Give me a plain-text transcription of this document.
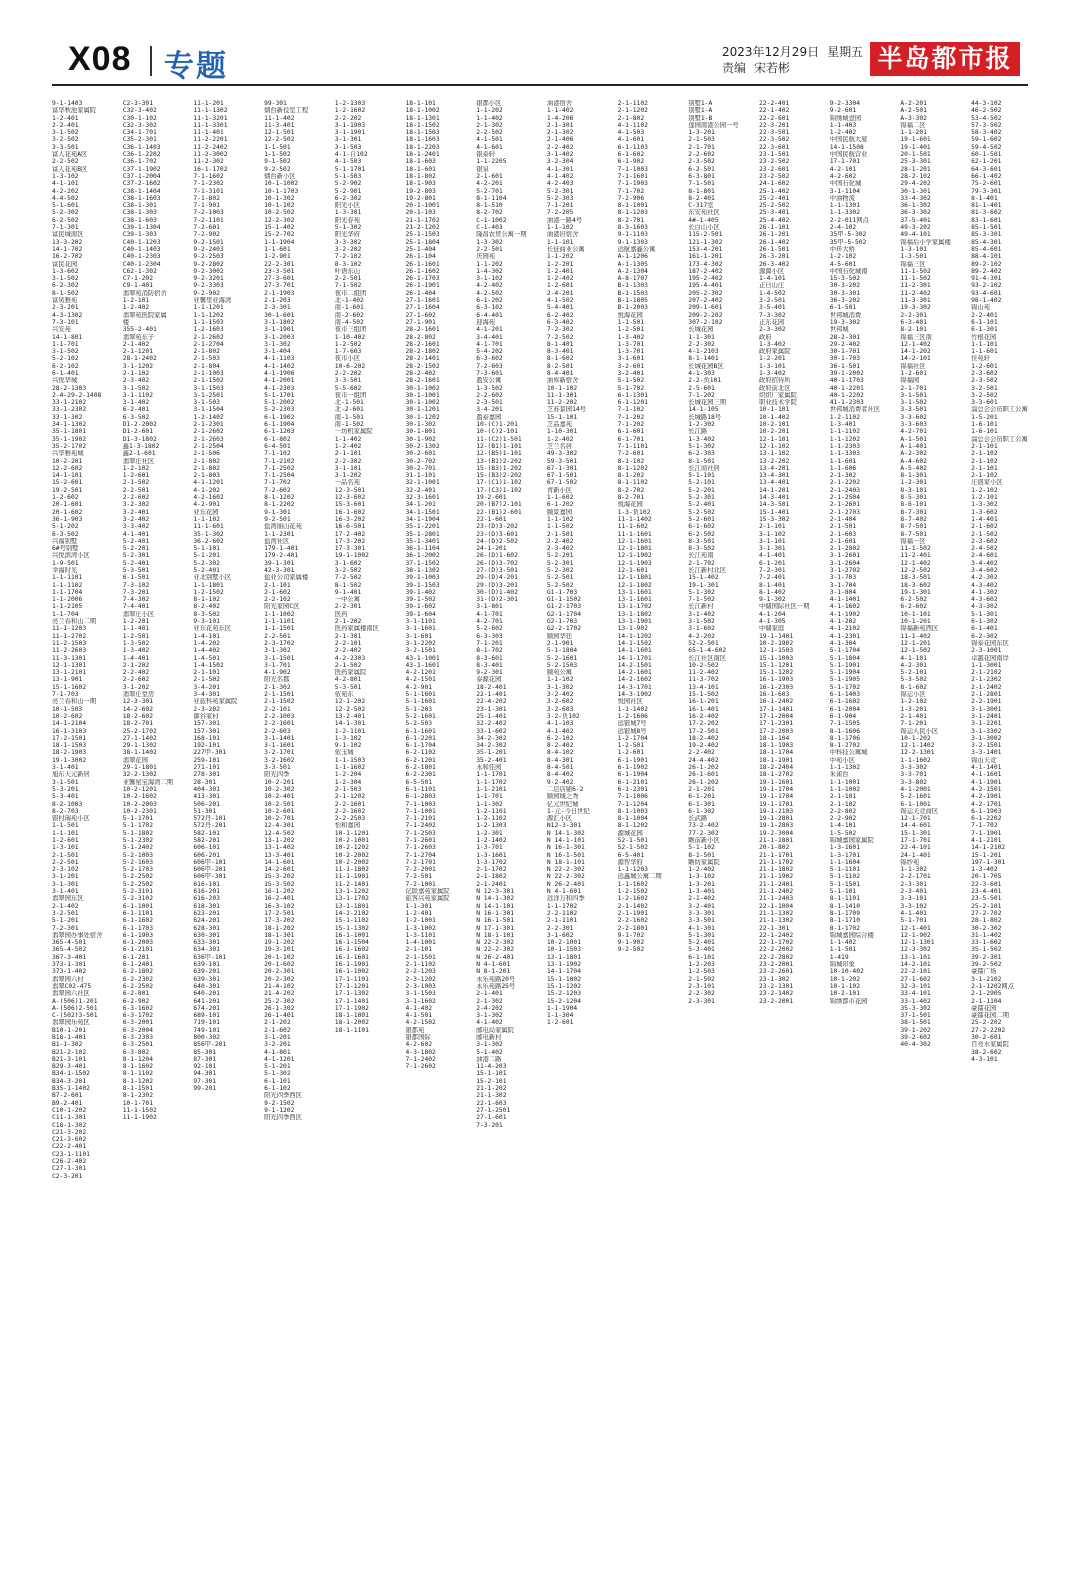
X08 专题	2023年12月29日 星期五
责编 宋若彬	半岛都市报
9-1-1403
富华秋池家属院
1-2-401
2-2-401
3-1-502
3-2-502
3-3-501
富人花苑A区
2-2-502
富人花苑B区
1-3-102
4-1-101
4-2-202
4-4-502
5-1-601
5-2-302
6-2-502
7-1-301
富民城南区
13-3-202
14-1-702
16-2-702
富民花园
1-3-602
3-1-502
6-2-302
8-1-502
富凤雅苑
2-3-201
4-3-1302
7-3-101
兴安苑
14-1-801
1-1-701
3-1-502
5-2-102
6-2-102
6-1-401
兴悦华城
28-2-1303
2-4-29-2-1408
33-1-2102
33-1-2302
33-1-302
34-1-1302
35-1-1801
35-1-1902
35-2-1702
兴华雅苑城
10-2-201
12-2-602
14-1-101
15-2-601
19-2-501
1-2-602
20-1-601
20-1-602
36-1-903
5-1-202
6-3-502
兴福别墅
6#号别墅
兴悦滨湾小区
1-9-501
幸福时光
1-1-1101
1-1-1102
1-1-1704
1-1-2006
1-1-2105
1-1-704
亮兰春和山二期
11-1-1203
11-1-2702
11-2-1503
11-2-2603
11-3-1301
12-1-1301
13-1-2101
13-1-901
15-1-1602
7-1-703
亮兰春和山一期
10-1-503
10-2-602
14-1-2104
16-1-3103
17-2-1501
18-1-1503
18-2-1903
19-1-3002
3-1-401
旭东天元新居
3-1-501
5-3-201
5-3-401
8-2-1003
8-2-703
银村瑞苑小区
1-1-501
1-1-101
1-2-601
1-3-101
2-1-501
2-2-501
2-3-102
3-1-201
3-1-301
3-1-401
翡翠园东区
2-1-402
3-2-501
5-1-201
7-2-301
翡翠园办事处宿舍
365-4-501
365-4-502
367-3-401
373-1-301
373-1-402
翡翠园六村
翡翠C02-475
翡翠园六社区
A-(506)1-201
A-(506)2-501
C-(502)3-501
翡翠园乐苑区
B10-1-201
B18-1-401
B1-1-302
B21-2-102
B21-3-101
B29-3-401
B34-1-1502
B34-3-201
B35-1-1402
B7-2-601
B9-2-401
C10-1-202
C11-1-301
C18-1-302
C21-3-202
C21-3-602
C22-2-401
C23-1-1101
C26-2-402
C27-1-301
C2-3-201
C2-3-301
C32-3-402
C30-1-102
C32-3-302
C34-1-701
C35-2-301
C36-1-1403
C36-1-2202
C36-1-702
C37-1-1902
C37-1-2004
C37-2-1602
C38-1-1404
C38-1-1603
C38-1-301
C38-1-303
C38-1-603
C39-1-1304
C39-1-303
C40-1-1203
C40-1-1403
C40-1-2303
C40-1-2304
C62-1-302
C7-1-202
C9-1-401
翡翠苑消防宿舍
1-2-101
1-2-402
翡翠苑医院家属
楼
355-2-401
翡翠苑东子
2-1-402
2-1-1201
28-1-2402
3-1-1202
2-1-102
2-3-402
3-1-502
3-1-1102
3-1-402
6-2-401
6-3-502
D1-2-2002
D1-2-601
D1-3-1802
鑫1-3-1802
鑫2-1-601
翡翠庄社区
1-2-102
1-2-601
2-1-502
2-2-501
2-2-602
3-2-302
3-2-401
3-2-402
3-3-402
4-1-401
5-2-401
5-2-201
5-2-301
5-2-401
5-3-501
6-1-501
7-3-102
7-3-201
7-4-302
7-4-401
翡翠庄小区
1-2-201
1-1-401
1-2-501
1-3-502
1-3-402
1-4-401
2-1-202
2-2-402
2-2-602
3-1-202
翡翠庄堂房
12-3-301
14-2-602
18-2-602
18-2-701
25-2-1702
27-1-1402
29-1-1302
38-1-1402
翡翠花园
29-1-1801
32-2-1302
亚馨星宝海湾二期
10-2-1201
10-2-1602
10-2-2003
10-2-2301
5-1-1701
5-1-1702
5-1-1802
5-1-2302
5-1-2402
5-2-1003
5-2-1603
5-2-1703
5-2-2502
5-2-2502
5-2-3101
5-2-3102
6-1-1001
6-1-1101
6-1-1602
6-1-1703
6-1-1903
6-1-2003
6-1-2101
6-1-201
6-1-2401
6-2-1802
6-2-2302
6-2-2502
6-2-801
6-2-902
6-3-1602
6-3-1702
6-3-2001
6-3-2004
6-3-2303
6-3-2501
6-3-802
8-1-1204
8-1-1602
8-1-1102
8-1-1202
8-1-1501
8-1-2302
10-1-701
11-1-1502
11-1-1902
11-1-201
11-1-1302
11-1-3201
11-1-3301
11-1-401
11-2-2201
11-2-2402
11-2-3002
11-2-302
16-1-1702
7-1-1602
7-1-2302
7-1-3101
7-1-802
7-1-901
7-2-1003
7-2-1101
7-2-601
7-2-902
9-2-1501
9-2-2403
9-2-2503
9-2-2802
9-2-3002
9-2-3201
9-2-3303
9-2-902
亚馨里亚海湾
1-1-1201
1-1-1202
1-1-1503
1-2-1603
2-1-2602
2-1-2704
2-1-802
2-1-503
2-1-804
2-1-1003
2-1-1502
3-1-1503
3-1-2501
3-1-503
3-1-1504
1-2-1402
2-1-2301
2-1-2602
2-1-2603
2-1-2504
2-1-506
2-1-802
2-1-802
2-1-803
4-1-1201
4-1-202
4-2-1602
4-2-901
亚东花园
1-1-102
11-1-601
35-1-302
36-2-602
5-1-101
5-1-201
5-2-302
5-2-401
亚北别墅小区
1-1-1801
1-2-1502
8-1-102
8-2-402
8-3-502
9-3-101
亚东花苑东区
1-4-101
1-4-202
1-4-402
1-4-501
1-4-1502
2-1-101
2-1-502
3-4-201
3-4-301
亚旅科苑家属院
2-3-202
御谷家村
157-301
157-301
168-101
192-101
227甲-301
259-101
271-101
278-301
28-301
404-301
413-301
506-201
51-301
572丹-101
572丹-201
582-101
582-201
606-101
606-201
606甲-101
606甲-201
606甲-301
616-101
616-201
616-203
618-301
623-201
624-201
628-301
630-301
633-301
634-301
636甲-101
639-101
639-201
639-301
640-301
640-201
641-201
674-201
689-101
719-101
749-101
800-302
856甲-201
85-301
87-301
92-101
94-301
97-301
99-201
99-301
烟台新役室工程
11-1-402
11-3-401
12-1-501
12-2-502
1-1-501
1-1-502
9-1-502
9-2-502
烟台新小区
10-1-1002
10-1-1703
10-1-302
10-1-102
10-2-502
12-2-302
15-1-402
15-2-702
1-1-1904
1-1-601
1-2-901
22-2-301
23-3-501
27-3-601
27-3-701
2-1-1903
2-1-203
2-3-301
30-1-601
3-1-1802
3-1-1901
3-1-2003
3-1-302
3-1-404
4-1-1103
4-1-1402
4-1-1906
4-1-2001
4-1-2303
5-1-1701
5-1-2002
5-2-2303
6-1-1902
6-1-1904
6-1-1203
6-1-802
6-4-501
7-1-102
7-1-2102
7-1-2502
7-1-2504
7-1-702
7-2-602
8-1-1202
8-1-2202
9-1-301
9-2-501
盐湾丽山花苑
1-1-2301
盐湾社区
179-1-401
179-2-401
39-1-301
42-3-301
盐业公司家属楼
2-1-101
2-1-602
2-2-102
阳光家园C区
1-1-1002
1-1-1101
1-1-1501
2-2-501
2-3-1702
3-1-302
3-1-1501
3-1-701
4-1-902
阳光名郡
2-1-302
2-1-1501
2-1-1502
2-2-101
2-2-1003
2-2-1601
2-2-603
3-1-1401
3-1-1601
3-2-1701
3-2-1602
3-3-501
阳光四季
10-2-201
10-2-302
10-2-401
10-2-501
10-2-601
10-2-701
12-4-301
12-4-502
13-1-202
13-1-402
13-3-401
14-1-601
14-2-601
15-3-202
15-3-502
16-1-202
16-2-401
16-3-102
17-2-501
17-3-202
18-1-202
18-1-301
19-1-202
19-3-101
20-1-102
20-1-602
20-2-301
20-2-302
21-4-102
21-4-202
25-2-302
26-1-302
26-1-401
2-1-202
2-1-602
3-1-201
3-2-201
4-1-801
4-1-1201
5-1-201
5-1-302
6-1-101
6-1-102
阳光四季西区
9-2-1502
9-1-1202
阳光四季西区
1-2-1303
1-2-1602
2-2-202
3-1-1903
3-1-1901
3-1-301
3-1-503
4-1-自102
4-1-503
5-1-1701
5-1-503
5-2-902
5-2-901
6-2-302
阳光小区
1-3-301
阳光春苑
5-1-302
阳光华府
3-3-302
3-2-202
7-2-102
8-3-102
叶语东山
2-2-501
7-1-502
夜市二组团
北-1-402
南-1-601
南-2-602
南-4-502
夜市三组团
1-10-402
1-2-502
1-7-603
夜市小区
10-6-202
2-2-202
3-3-501
5-5-602
夜市一组团
北-1-501
北-2-601
南-1-501
南-1-502
一坊机家属院
1-1-402
1-2-402
2-1-101
2-2-302
3-1-101
3-1-202
一品名苑
12-3-501
12-3-602
15-3-601
16-1-602
16-3-202
16-6-501
17-2-402
17-3-202
17-3-301
19-1-1002
3-1-602
3-2-502
7-2-502
8-1-502
9-1-401
一中公寓
2-2-301
医药
2-1-202
医药家属楼南区
2-1-301
2-2-101
2-2-402
4-2-2303
2-1-502
医药家属院
4-2-801
5-3-501
依苑东
12-1-202
12-2-502
13-2-401
14-1-301
1-2-1101
1-3-102
9-1-102
依玉城
1-1-1503
1-1-1602
1-2-204
1-2-304
2-1-503
2-1-1202
2-2-1601
2-2-1602
2-2-2503
怡和嘉园
10-1-1201
10-2-1001
10-2-1202
10-2-2002
10-2-2002
11-1-1802
11-1-1901
11-2-1401
13-1-1202
13-1-1702
13-1-1801
14-2-2102
15-1-1102
15-1-1302
16-1-1001
16-1-1504
16-1-1602
16-1-1601
16-1-1901
16-1-1002
17-1-1101
17-1-1201
17-1-1302
17-1-1401
17-1-1902
18-1-1001
18-1-2002
18-1-1101
18-1-101
18-1-1002
18-1-1301
18-1-1502
18-1-1503
18-1-1603
18-1-2203
18-1-2401
18-1-603
18-1-601
18-1-802
18-1-903
19-2-803
19-2-801
20-1-1001
20-1-103
21-1-1702
21-2-1202
25-1-1503
25-1-1804
25-1-404
26-1-104
26-1-1601
26-1-1602
26-1-1703
26-1-1901
26-1-404
27-1-1601
27-1-1604
27-1-602
27-1-901
28-2-1601
28-2-802
28-2-1601
28-2-1802
28-2-1401
28-2-1502
28-2-402
28-2-1601
30-1-1002
30-1-1001
30-1-1002
30-1-1201
30-1-1202
30-1-302
30-1-801
30-1-902
30-2-1302
30-2-601
30-2-702
30-2-701
31-1-101
32-1-1001
32-2-401
32-3-1601
34-1-201
34-1-1501
34-1-1904
35-1-2201
35-1-2801
35-1-3401
36-1-1104
36-1-2002
37-1-1502
38-1-1302
39-1-1003
39-1-1503
39-1-402
39-1-502
39-1-602
39-1-604
3-1-1101
3-1-1601
3-1-601
3-1-2202
3-2-1501
43-1-1001
43-1-1601
4-2-1201
4-2-1501
4-2-901
5-1-1601
5-1-1601
5-1-203
5-2-1601
5-2-503
6-1-1601
6-1-2201
6-1-1704
6-2-1102
6-2-1201
6-2-1801
6-2-2301
6-5-501
6-1-1101
6-1-2803
7-1-1003
7-1-1001
7-1-2101
7-1-2402
7-1-2503
7-1-2601
7-1-2603
7-1-2704
7-2-1701
7-2-2001
7-2-501
7-2-1001
亿联嘉苑家属院
旅客兴苑家属院
1-1-301
1-2-401
1-2-1001
1-3-1002
1-3-1101
1-4-1001
2-1-101
2-1-1501
2-1-1102
2-2-1203
2-3-1202
2-3-1003
3-1-1503
3-1-1602
4-1-402
4-1-501
4-2-1502
银都苑
银都国际
4-2-602
4-3-1802
7-1-2402
7-1-2602
银都小区
1-1-202
1-1-402
2-1-302
2-2-502
4-1-501
4-1-601
银泰轩
1-1-2205
银泉
2-1-601
4-2-201
5-2-701
8-1-1104
8-1-510
8-2-702
C-1-1002
C-1-403
隆昌农贸公寓一期
1-3-302
2-2-501
庆园苑
1-1-202
1-4-302
3-1-102
4-2-402
4-2-502
6-1-202
6-3-102
6-4-401
迎海苑
4-1-201
3-4-401
4-1-701
5-4-202
6-3-602
7-2-603
7-3-601
盈安公寓
1-3-502
2-2-602
2-3-501
3-4-201
盈泰嘉园
10-(C)1-201
10-(C)2-101
11-(C2)1-501
12-(B1)1-101
12-(B5)1-101
13-(B1)2-202
15-(B3)1-202
15-(B3)2-202
17-(C1)1-102
17-(C3)1-102
19-2-601
20-(B7)2-101
22-(B1)2-601
22-1-601
23-(D)3-202
23-(D)3-601
24-(D)2-502
24-1-201
26-(D)1-602
26-(D)3-702
27-(D)3-501
29-(D)4-201
29-(D)3-201
30-(D)1-402
31-(D)2-301
3-1-801
4-1-701
4-2-701
5-2-602
6-3-303
7-1-201
8-1-702
8-3-601
8-3-401
9-2-301
泰源花园
18-2-401
22-1-401
22-4-202
23-1-301
25-1-401
32-2-402
33-1-602
34-2-302
34-2-302
35-1-201
35-2-401
永和佳园
1-1-1701
1-1-1702
1-1-2101
1-1-701
1-1-302
1-2-1101
1-2-1102
1-2-1303
1-2-301
1-2-1402
1-3-701
1-3-1601
1-3-1702
2-1-1702
2-1-1802
2-1-2401
N 12-3-301
N 14-1-302
N 14-1-101
N 16-1-301
N 16-1-501
N 17-1-301
N 18-1-101
N 22-2-302
N 22-2-302
N 26-2-401
N 4-1-601
N 8-1-201
永乐苑路20号
永乐苑路25号
2-1-401
2-1-302
2-4-202
3-1-302
4-1-402
邮电局家属院
邮电新村
3-1-302
5-1-402
油港二路
11-4-203
15-1-101
15-2-101
21-1-202
21-1-302
22-1-603
27-1-2501
27-1-601
7-3-201
油港宿舍
1-1-402
1-4-206
2-1-301
2-1-302
2-1-406
2-2-402
3-1-402
3-2-304
4-1-301
4-1-402
4-2-403
5-2-301
5-2-303
7-1-201
7-2-205
油港一路4号
1-1-102
油港旧宿舍
1-1-101
长征商业公寓
1-1-202
1-2-201
1-2-401
1-2-402
1-2-601
2-4-201
4-1-502
5-4-401
6-2-402
6-3-402
7-2-302
7-2-502
8-1-401
8-3-401
8-1-602
8-2-501
8-4-401
油库新宿舍
10-1-102
11-1-301
11-2-202
芝苏景园14号
15-1-101
芝品嘉苑
1-10-301
1-2-402
芝兰名居
49-3-302
59-3-501
67-1-301
67-1-501
67-1-502
青新小区
1-1-602
6-1-202
颐景嘉园
1-1-102
1-1-502
2-1-501
2-2-402
2-3-402
5-2-201
5-2-301
5-2-302
5-2-501
5-2-502
G1-1-703
G1-1-1502
G1-2-1703
G2-1-1704
G2-1-703
G2-2-1702
颐园华廷
2-1-901
5-1-1804
5-2-1601
5-2-1503
颐苑公寓
1-1-102
3-1-302
3-2-402
3-2-602
3-2-603
3-2-负102
4-1-103
4-1-402
6-2-102
8-2-402
8-4-102
8-4-301
8-4-501
8-4-402
9-2-402
二层店铺6-2
颐园城之秀
亿元世纪城
1-元-今日世纪
源汇小区
N12-3-301
N 14-1-302
N 14-1-101
N 16-1-301
N 16-1-501
N 18-1-101
N 22-2-302
N 22-2-302
N 26-2-401
N 4-1-601
远洋万和四季
1-1-1702
2-2-1102
2-1-1101
2-2-301
3-1-602
10-2-1001
10-1-1503
13-1-1801
13-1-1902
14-1-1704
15-1-1002
15-1-1202
15-2-1203
15-2-1204
1-1-1904
1-1-304
1-2-601
2-1-1102
2-1-1202
2-1-802
4-1-1102
4-1-503
4-1-601
6-1-1103
6-1-602
6-1-902
7-1-1003
7-1-1601
7-1-1903
7-1-702
7-2-906
8-1-1001
8-1-1203
8-2-701
8-3-1603
9-1-1103
9-1-1303
远航嘉鑫公寓
A-1-1206
A-1-1305
A-2-1304
A-8-1707
B-1-1303
B-1-1503
B-1-1805
B-1-2003
悦海花园
1-1-501
1-2-501
1-3-402
1-3-701
1-3-701
3-1-601
3-2-601
3-2-401
5-1-502
5-1-702
6-1-1301
6-1-1201
7-1-102
7-1-202
7-1-202
6-1-601
6-1-701
7-1-1101
7-2-601
8-1-102
8-1-1202
8-1-202
8-1-1102
8-2-702
8-2-701
悦海花园
1-3-负102
11-1-1402
11-1-602
11-1-1601
12-1-1601
12-1-1801
12-1-1902
12-1-1903
12-1-601
12-1-1801
12-1-1802
13-1-1601
13-1-1601
13-1-1702
13-1-1802
13-1-1901
13-1-902
14-1-1202
14-1-1502
14-1-1601
14-1-1701
14-2-1501
14-2-1601
14-2-1602
14-3-1701
14-3-1902
悦园社区
1-1-1402
1-2-1606
远银城7号
远银城8号
1-2-1704
1-2-501
1-2-601
6-1-1901
6-1-1902
6-1-1904
6-1-2101
6-1-2301
7-1-1006
7-1-1204
8-1-1003
8-1-1004
8-1-1202
源城花园
52-1-501
52-1-502
6-5-401
源智华府
1-1-1203
远鑫城公寓二期
1-1-1602
1-2-1502
1-2-1602
2-1-1402
2-1-1901
2-2-1602
2-2-1801
9-1-702
9-1-902
9-2-502
别墅1-A
别墅1-A
别墅1-B
莲园南港公园一号
1-3-201
2-1-503
2-1-701
2-2-602
2-3-502
6-2-501
6-3-801
7-1-501
8-1-801
8-2-401
C-317室
东安苑社区
4#-1-405
长白山小区
115-2-501
121-1-302
153-4-201
161-1-201
173-4-302
187-2-402
195-2-402
195-4-401
205-2-302
207-2-402
209-1-601
209-2-202
307-2-102
长城花园
1-1-301
2-2-302
4-1-2103
8-1-1401
长城花园B区
4-1-303
2-2-负101
2-5-601
7-1-202
长城花园三期
14-1-105
长城路18号
1-2-302
长江路
1-3-402
5-1-302
6-2-303
8-1-501
长江商社居
5-1-101
5-2-101
5-2-201
5-2-301
5-2-401
5-2-502
5-2-601
6-1-602
6-2-502
8-3-501
8-3-502
长江苑南
2-1-702
长江新村北区
15-1-402
19-1-301
5-1-302
7-1-502
长江新村
3-1-402
3-1-502
3-1-602
4-2-202
52-2-501
65-1-4-602
长江社区南区
10-2-502
11-2-402
11-3-702
13-4-101
15-1-502
16-1-201
16-1-401
16-2-402
17-2-202
17-2-501
18-2-402
19-2-402
2-2-402
24-4-402
26-1-202
26-1-601
26-1-202
2-1-201
6-1-201
6-1-301
6-1-302
长武路
73-2-402
77-2-302
瞻前新小区
5-1-102
8-1-501
瞻纺家属院
1-2-402
1-3-102
1-3-201
1-3-401
2-1-402
3-2-401
3-3-301
3-3-501
4-1-301
5-1-301
5-2-401
5-3-401
6-1-101
1-2-203
1-2-503
2-1-502
2-3-101
2-2-302
2-3-301
22-2-401
22-1-402
22-2-601
22-3-201
22-3-501
22-3-502
22-3-601
23-1-501
23-2-502
23-2-601
23-2-502
24-1-602
25-1-402
25-2-401
25-2-502
25-3-401
25-4-402
26-1-101
26-1-201
26-1-402
26-1-501
26-3-201
26-3-402
源源小区
1-4-101
正日山庄
1-4-502
3-2-501
3-5-401
7-3-302
正东花园
2-3-302
政府
1-3-402
政府家属院
1-2-201
1-3-101
1-3-402
政府招待所
政府前北区
织织厂家属院
职业技术学院
10-1-101
10-1-402
10-2-101
10-2-201
12-1-101
12-1-102
13-1-102
13-2-202
13-4-201
13-4-301
13-4-401
14-1-201
14-3-401
14-3-501
15-1-401
15-3-302
2-1-101
3-1-102
3-1-101
3-1-301
4-1-401
6-1-201
7-2-301
7-2-401
8-1-401
8-1-402
9-1-302
中储国际社区一期
4-1-204
4-1-305
中储家庭
19-1-1401
10-2-1902
12-1-1503
15-1-1003
15-1-1201
15-1-1202
16-1-1903
16-1-2303
16-1-603
16-1-2402
17-1-1401
17-1-2004
17-1-2301
17-2-2003
18-1-104
18-1-1903
18-1-1704
18-1-1901
18-2-2404
18-1-2702
19-1-1601
19-1-1704
19-1-1704
19-1-1701
19-1-2103
19-1-2801
19-1-2803
19-2-3004
21-1-1801
20-1-802
21-1-1701
21-1-1702
21-1-1802
21-1-1902
21-1-2401
21-1-2402
21-1-2403
22-1-1004
21-1-1302
21-1-1302
22-1-301
22-1-2402
22-1-1702
22-2-2002
22-2-2802
23-2-2001
23-2-2601
23-1-302
23-2-1301
23-2-1402
23-2-2001
9-2-3304
9-2-601
锦绣城壹园
1-1-403
1-2-402
中国民航大厦
14-1-1508
中国民航营业
17-1-701
4-2-101
4-2-602
中国石化城
3-1-1104
中油物流
1-1-1301
1-1-3302
2-2-011网点
2-4-102
35甲-5-302
35甲-5-502
中环大桥
1-2-102
4-5-601
中国石化城南
15-3-502
30-3-202
30-3-301
36-3-202
6-1-501
世邦城消费
19-3-302
世邦城
28-2-301
29-2-402
30-1-701
30-1-703
36-1-501
39-1-2002
40-1-1703
40-1-2201
40-1-2202
41-1-2303
世邦城消费者社区
1-2-1102
1-3-401
1-1-1102
1-1-1202
1-1-2303
1-1-3303
1-1-601
1-1-606
2-1-302
2-1-2202
2-1-2403
2-1-2504
2-1-2601
2-1-2703
2-1-404
2-1-501
2-1-603
2-1-601
2-1-2802
3-1-2601
3-1-2604
3-1-2702
3-1-703
3-1-704
3-1-804
4-1-1401
4-1-1602
4-1-1902
4-1-202
4-1-2102
4-1-2301
4-1-304
5-1-1704
5-1-1804
5-1-1901
5-1-1904
5-1-1905
5-1-1702
6-1-1403
6-1-1602
6-1-2004
6-1-904
7-1-1505
8-1-1606
8-1-1706
8-1-2702
中科技公寓城
中苑小区
1-1-1302
朱雀台
1-1-1001
1-1-1002
2-1-101
2-1-102
2-2-802
2-2-902
1-4-101
1-5-502
锦城嘉园家属院
1-3-1601
1-3-1701
1-1-1604
5-1-1101
5-1-1102
5-1-1501
5-1-101
8-1-1101
8-1-1410
8-1-1709
8-1-1710
8-1-1702
锦城嘉园综合楼
1-1-402
1-1-501
1-419
锦城印象
10-10-402
10-1-202
10-1-102
10-2-101
锦绣都市花园
A-2-201
A-2-501
A-3-302
锦福二区
1-1-201
19-1-601
19-1-401
20-1-501
25-3-301
28-1-201
28-2-102
29-4-202
30-1-301
33-4-302
36-1-302
36-3-302
37-5-401
49-3-202
49-4-101
锦福后小学家属楼
1-3-101
1-3-501
锦福三区
11-1-502
11-1-502
11-2-301
11-2-402
11-3-301
19-3-302
2-2-301
6-3-401
8-2-101
锦福三区南
12-1-402
14-1-202
14-2-101
锦福社区
1-2-601
锦福园
2-1-701
3-1-501
3-1-502
3-3-501
3-3-602
3-3-603
4-2-701
A-1-501
A-1-401
A-2-302
A-4-602
A-5-402
8-1-301
1-2-301
8-3-101
8-5-301
8-6-101
8-7-301
8-7-402
8-7-501
8-7-501
锦福一区
11-1-502
11-2-401
12-1-402
12-2-502
18-3-501
18-3-602
19-1-301
6-2-502
6-2-602
10-1-101
10-1-201
锦福新苑西区
11-1-402
12-1-201
12-1-502
4-1-101
4-2-301
5-2-101
5-3-502
8-1-602
锦运小区
1-2-102
1-3-201
2-1-401
7-1-201
锦运人民小区
10-1-202
12-1-1402
12-2-1301
1-1-1602
3-3-302
3-3-701
3-3-802
4-1-2001
5-2-1601
6-1-1001
锦运天竞商区
12-1-701
14-4-601
15-1-301
17-1-701
22-4-101
24-1-401
锦纱苑
1-1-302
2-2-1701
2-3-301
2-3-401
3-3-101
3-3-102
4-1-401
5-1-701
12-1-401
12-1-902
12-1-1301
12-3-302
13-1-101
14-2-101
22-2-101
27-1-602
32-3-101
33-4-101
33-1-402
35-3-302
37-1-501
38-1-501
39-1-202
39-2-602
40-4-302
44-3-102
46-2-502
53-4-502
57-3-502
58-3-402
59-1-602
59-4-502
60-1-501
62-1-201
64-3-601
66-1-402
75-2-601
79-3-301
8-1-401
81-1-401
81-3-602
83-1-601
85-1-501
85-3-301
85-4-301
85-4-601
88-4-101
89-2-102
89-2-402
91-4-301
93-2-102
93-4-601
98-1-402
锦山苑
2-2-401
6-1-101
6-1-301
竹根花园
1-1-101
1-1-601
住苑轩
1-2-601
2-3-602
2-3-502
3-2-501
3-2-502
3-3-601
淄总会会员职工公寓
1-5-201
1-6-101
1-6-101
淄总会会员职工公寓
2-1-101
2-1-102
2-1-102
2-1-101
2-1-102
庄盛家小区
1-2-102
1-2-101
1-3-302
1-3-602
1-4-401
2-1-602
2-1-502
2-3-602
2-4-502
2-4-601
3-4-402
3-4-602
4-2-302
4-3-402
4-1-302
4-3-602
4-3-302
5-1-301
6-1-302
6-1-401
6-2-302
锦泰花园东区
2-3-1001
卓越花园南岸
1-1-3001
2-1-2102
2-1-2302
2-1-2402
2-1-2801
2-2-1901
3-1-3001
3-1-2401
3-1-2201
3-1-3302
3-1-3002
3-2-1501
3-3-1401
锦山天竞
4-1-1401
4-1-1601
4-1-1901
4-2-1501
4-2-1901
4-2-1701
6-1-1903
6-1-2202
7-1-702
7-1-1901
4-1-2101
14-1-2102
15-1-201
197-1-301
1-3-402
20-1-705
22-3-601
23-4-401
23-5-501
25-2-101
27-2-702
28-1-802
30-2-302
31-1-402
33-1-602
35-1-502
39-2-301
39-2-502
豪镭广场
3-1-2102
2-1-1202网点
2-1-2905
2-1-1104
豪镭花园
豪镭花园二期
25-2-202
27-2-2202
30-2-601
百亮水家属院
38-2-602
4-3-101
